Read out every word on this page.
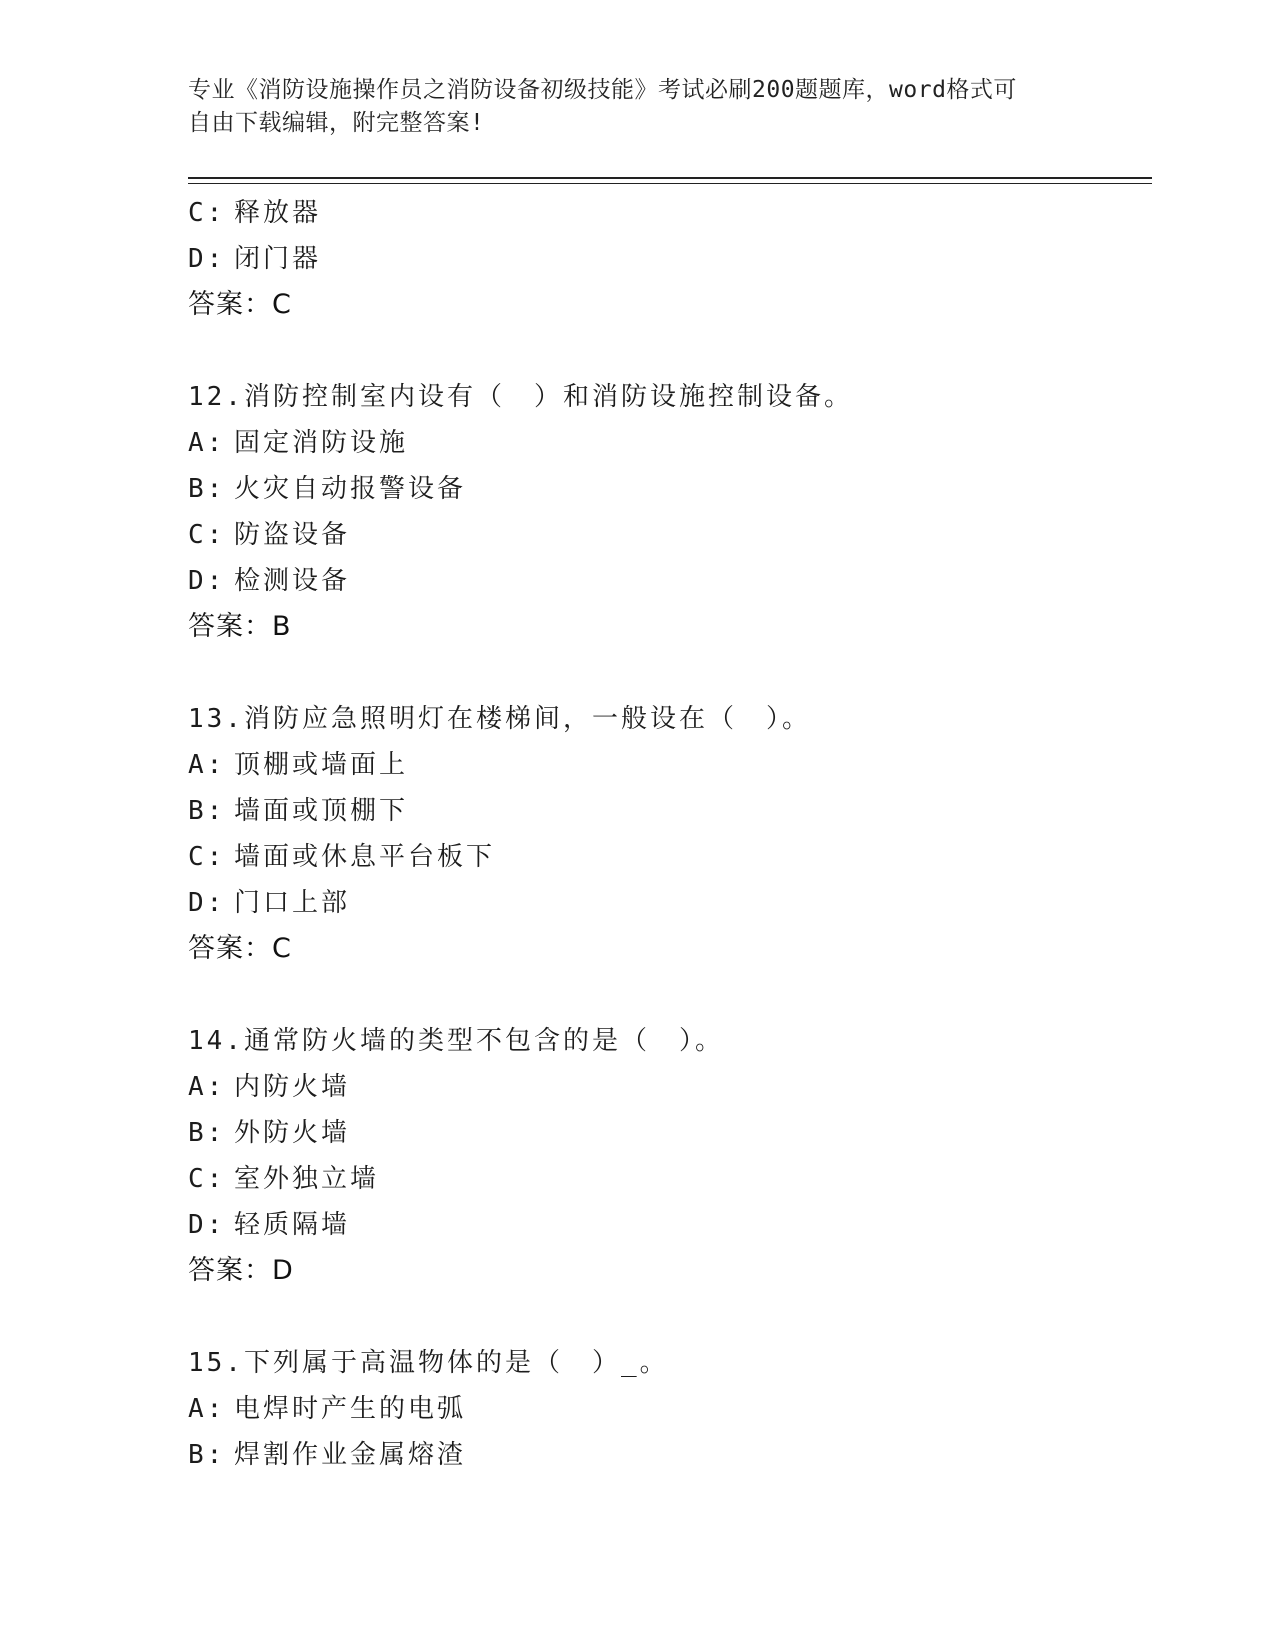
专业《消防设施操作员之消防设备初级技能》考试必刷200题题库，word格式可
自由下载编辑，附完整答案!
C: 释放器
D: 闭门器
答案：C
12.消防控制室内设有（　）和消防设施控制设备。
A: 固定消防设施
B: 火灾自动报警设备
C: 防盗设备
D: 检测设备
答案：B
13.消防应急照明灯在楼梯间，一般设在（　）。
A: 顶棚或墙面上
B: 墙面或顶棚下
C: 墙面或休息平台板下
D: 门口上部
答案：C
14.通常防火墙的类型不包含的是（　）。
A: 内防火墙
B: 外防火墙
C: 室外独立墙
D: 轻质隔墙
答案：D
15.下列属于高温物体的是（　）_。
A: 电焊时产生的电弧
B: 焊割作业金属熔渣
